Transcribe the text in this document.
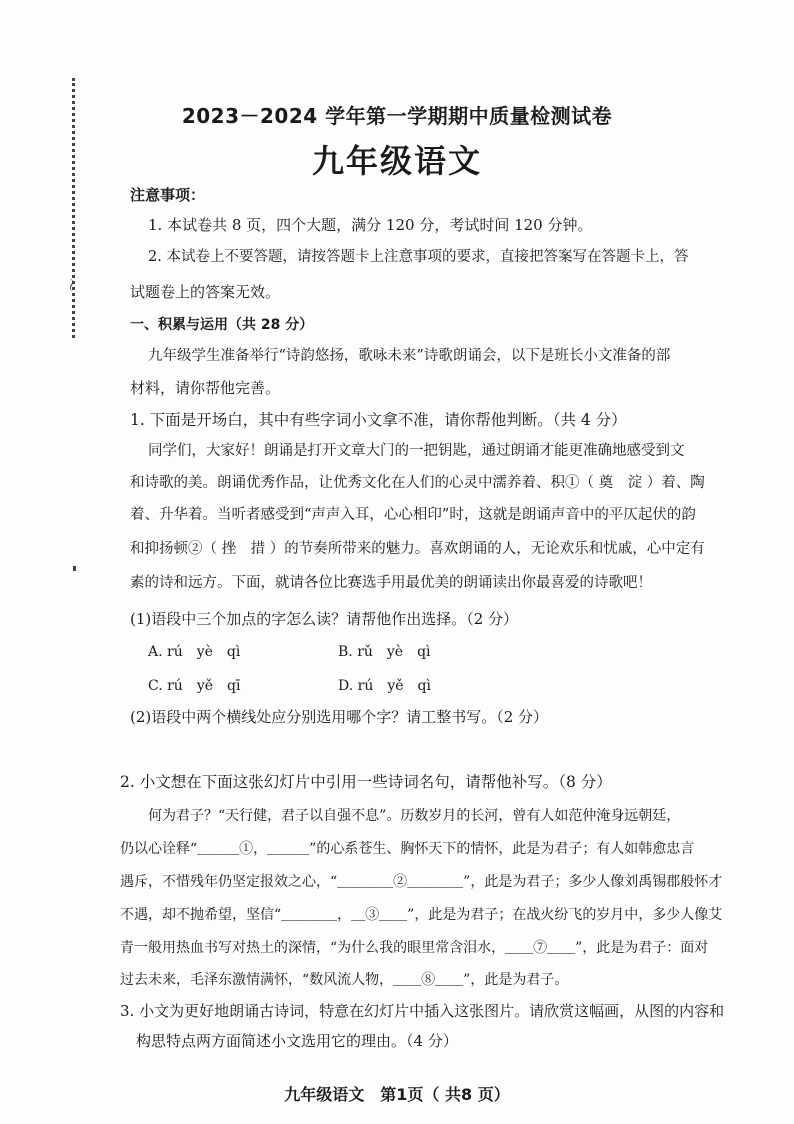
～
2023－2024 学年第一学期期中质量检测试卷
九年级语文
注意事项：
1. 本试卷共 8 页，四个大题，满分 120 分，考试时间 120 分钟。
2. 本试卷上不要答题，请按答题卡上注意事项的要求，直接把答案写在答题卡上，答
试题卷上的答案无效。
一、积累与运用（共 28 分）
九年级学生准备举行“诗韵悠扬，歌咏未来”诗歌朗诵会，以下是班长小文准备的部
材料，请你帮他完善。
1. 下面是开场白，其中有些字词小文拿不准，请你帮他判断。（共 4 分）
同学们，大家好！朗诵是打开文章大门的一把钥匙，通过朗诵才能更准确地感受到文
和诗歌的美。朗诵优秀作品，让优秀文化在人们的心灵中濡养着、积①（ 奠　淀 ）着、陶
着、升华着。当听者感受到“声声入耳，心心相印”时，这就是朗诵声音中的平仄起伏的韵
和抑扬顿②（ 挫　措 ）的节奏所带来的魅力。喜欢朗诵的人，无论欢乐和忧戚，心中定有
素的诗和远方。下面，就请各位比赛选手用最优美的朗诵读出你最喜爱的诗歌吧！
(1)语段中三个加点的字怎么读？请帮他作出选择。（2 分）
A. rú　yè　qì	B. rǔ　yè　qì
C. rú　yě　qī	D. rú　yě　qì
(2)语段中两个横线处应分别选用哪个字？请工整书写。（2 分）
2. 小文想在下面这张幻灯片中引用一些诗词名句，请帮他补写。（8 分）
何为君子？“天行健，君子以自强不息”。历数岁月的长河，曾有人如范仲淹身远朝廷，
仍以心诠释“＿＿＿①，＿＿＿”的心系苍生、胸怀天下的情怀，此是为君子；有人如韩愈忠言
遇斥，不惜残年仍坚定报效之心，“＿＿＿＿②＿＿＿＿”，此是为君子；多少人像刘禹锡郡般怀才
不遇，却不抛希望，坚信“＿＿＿＿，＿③＿＿”，此是为君子；在战火纷飞的岁月中，多少人像艾
青一般用热血书写对热土的深情，“为什么我的眼里常含泪水，＿＿⑦＿＿”，此是为君子：面对
过去未来，毛泽东激情满怀，“数风流人物，＿＿⑧＿＿”，此是为君子。
3. 小文为更好地朗诵古诗词，特意在幻灯片中插入这张图片。请欣赏这幅画，从图的内容和
构思特点两方面简述小文选用它的理由。（4 分）
九年级语文　第1页（ 共8 页）
